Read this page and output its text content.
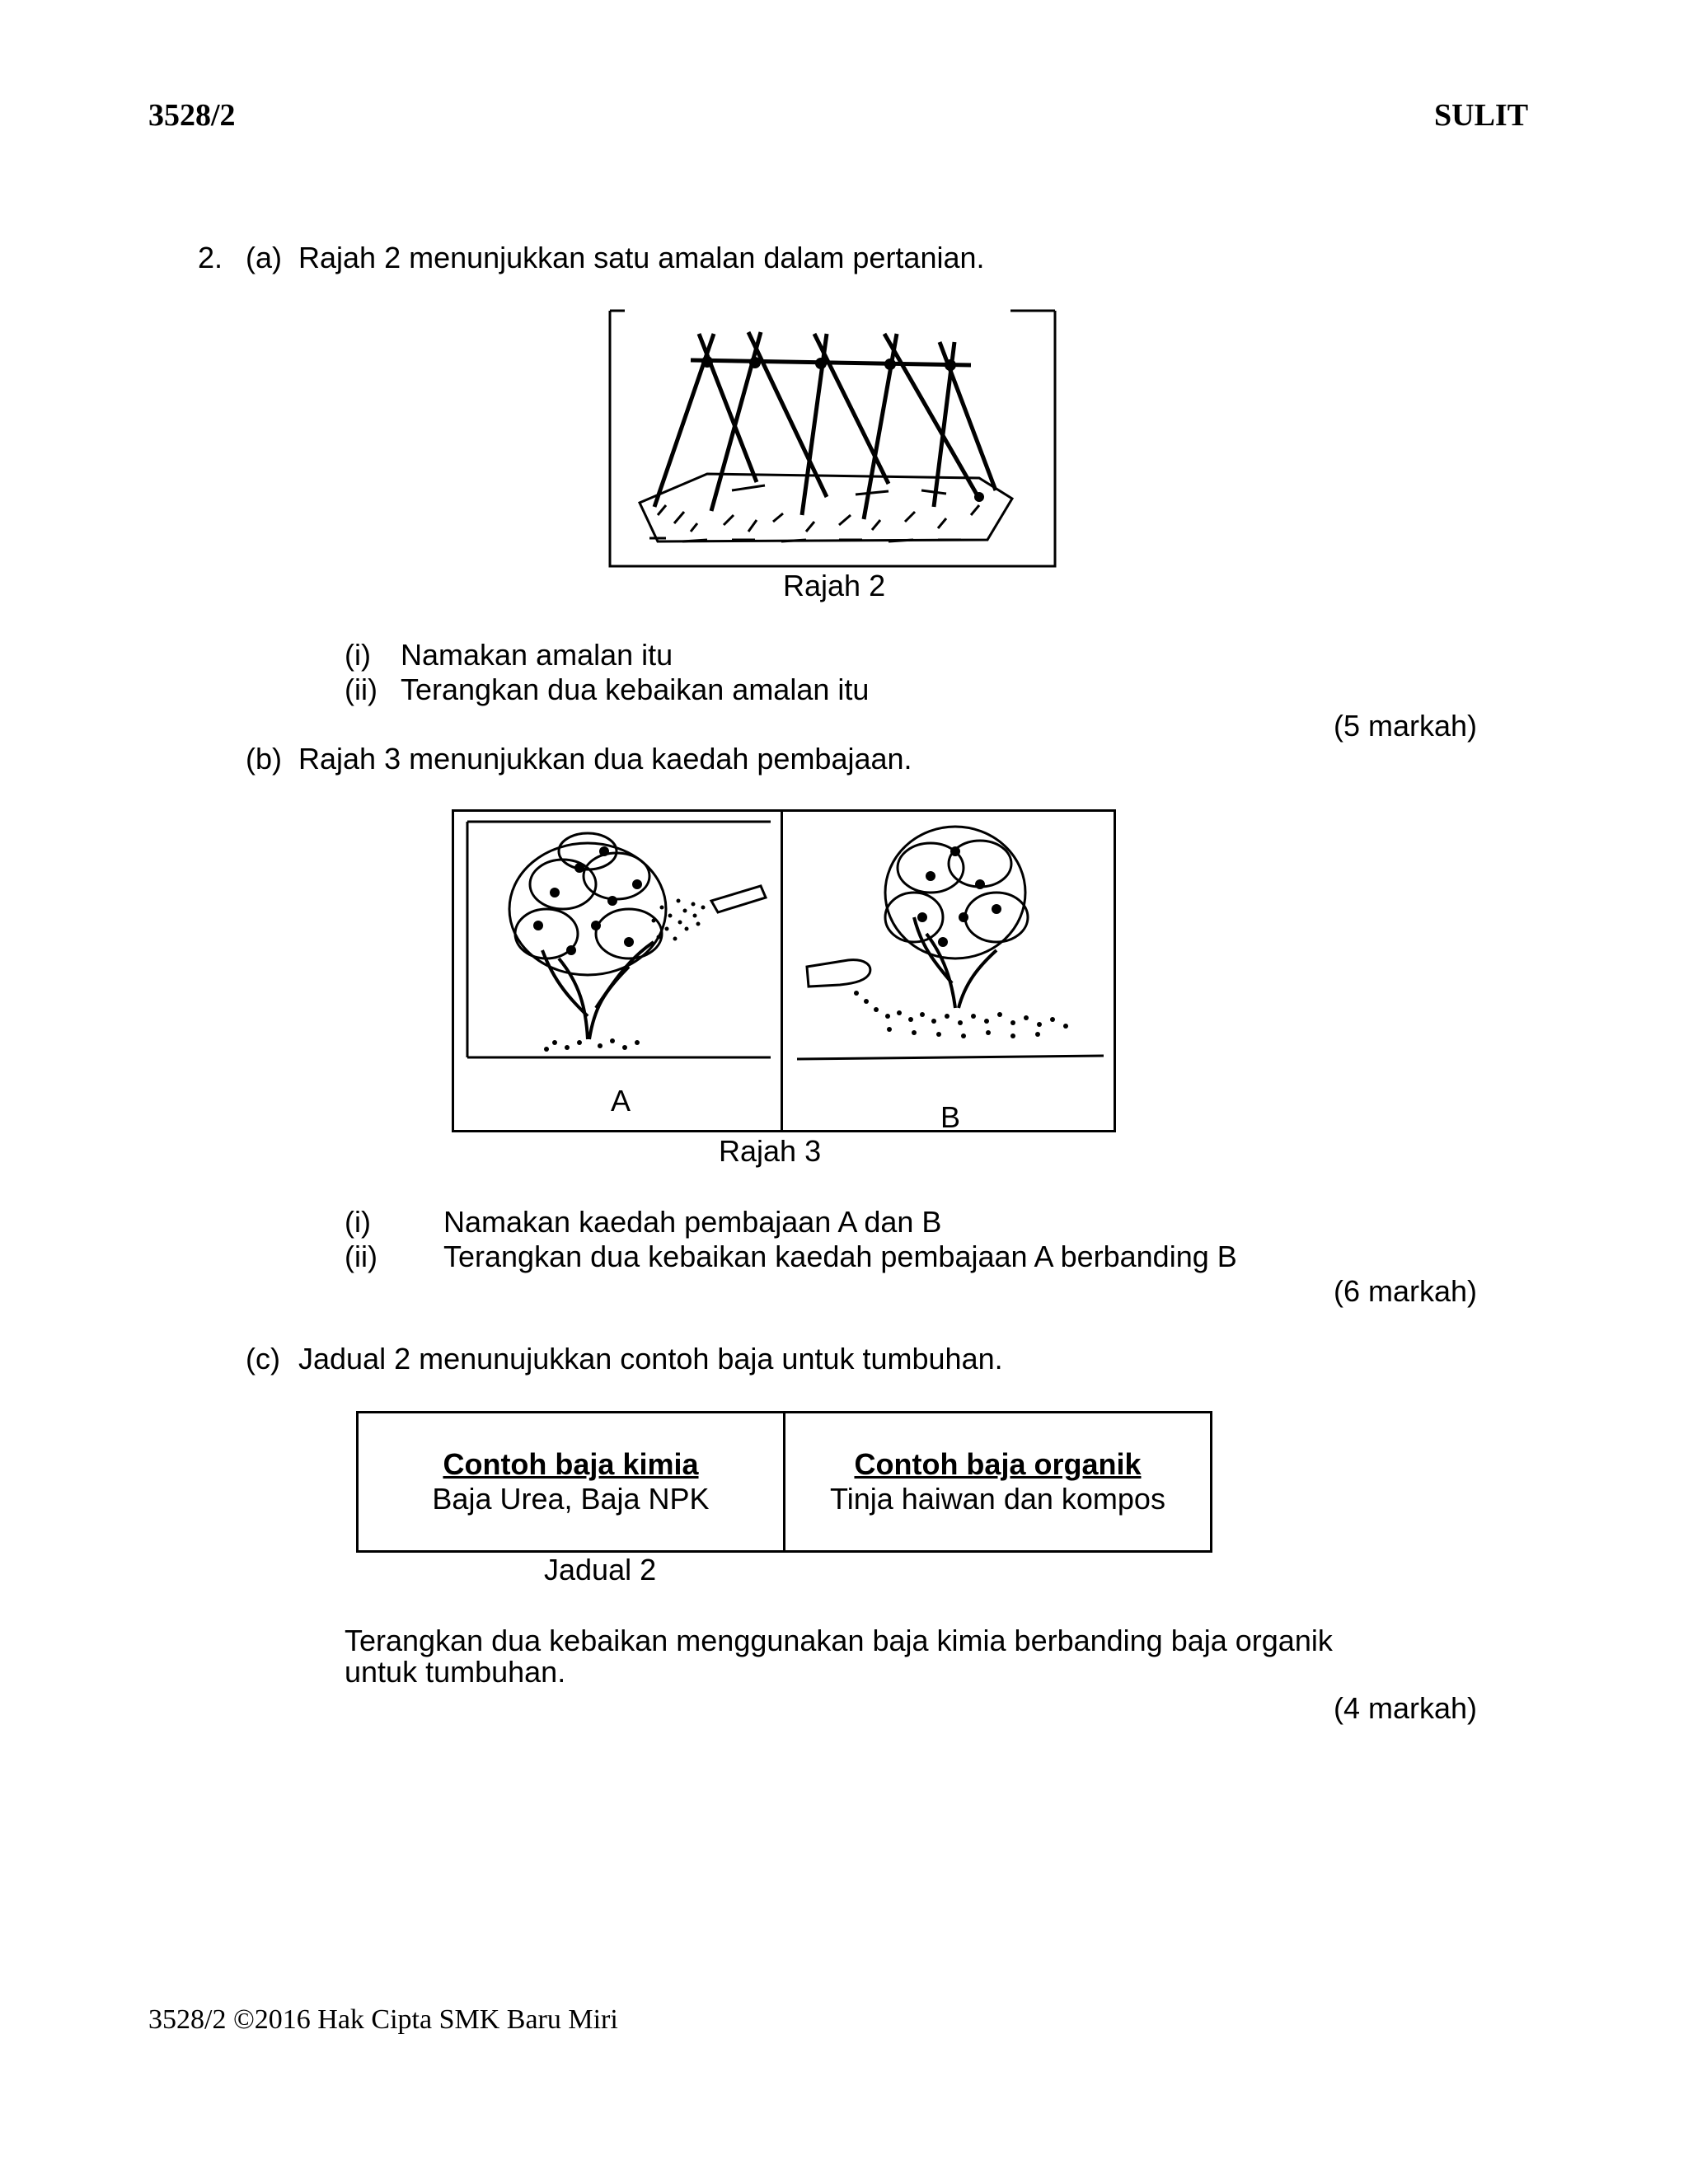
3528/2	SULIT
2. (a) Rajah 2 menunjukkan satu amalan dalam pertanian.
Rajah 2
(i) Namakan amalan itu
(ii) Terangkan dua kebaikan amalan itu
(5 markah)
(b) Rajah 3 menunjukkan dua kaedah pembajaan.
A	B
Rajah 3
(i) Namakan kaedah pembajaan A dan B
(ii) Terangkan dua kebaikan kaedah pembajaan A berbanding B
(6 markah)
(c) Jadual 2 menunujukkan contoh baja untuk tumbuhan.
Contoh baja kimia
Baja Urea, Baja NPK

Contoh baja organik
Tinja haiwan dan kompos
Jadual 2
Terangkan dua kebaikan menggunakan baja kimia berbanding baja organik
untuk tumbuhan.
(4 markah)
3528/2 ©2016 Hak Cipta SMK Baru Miri
